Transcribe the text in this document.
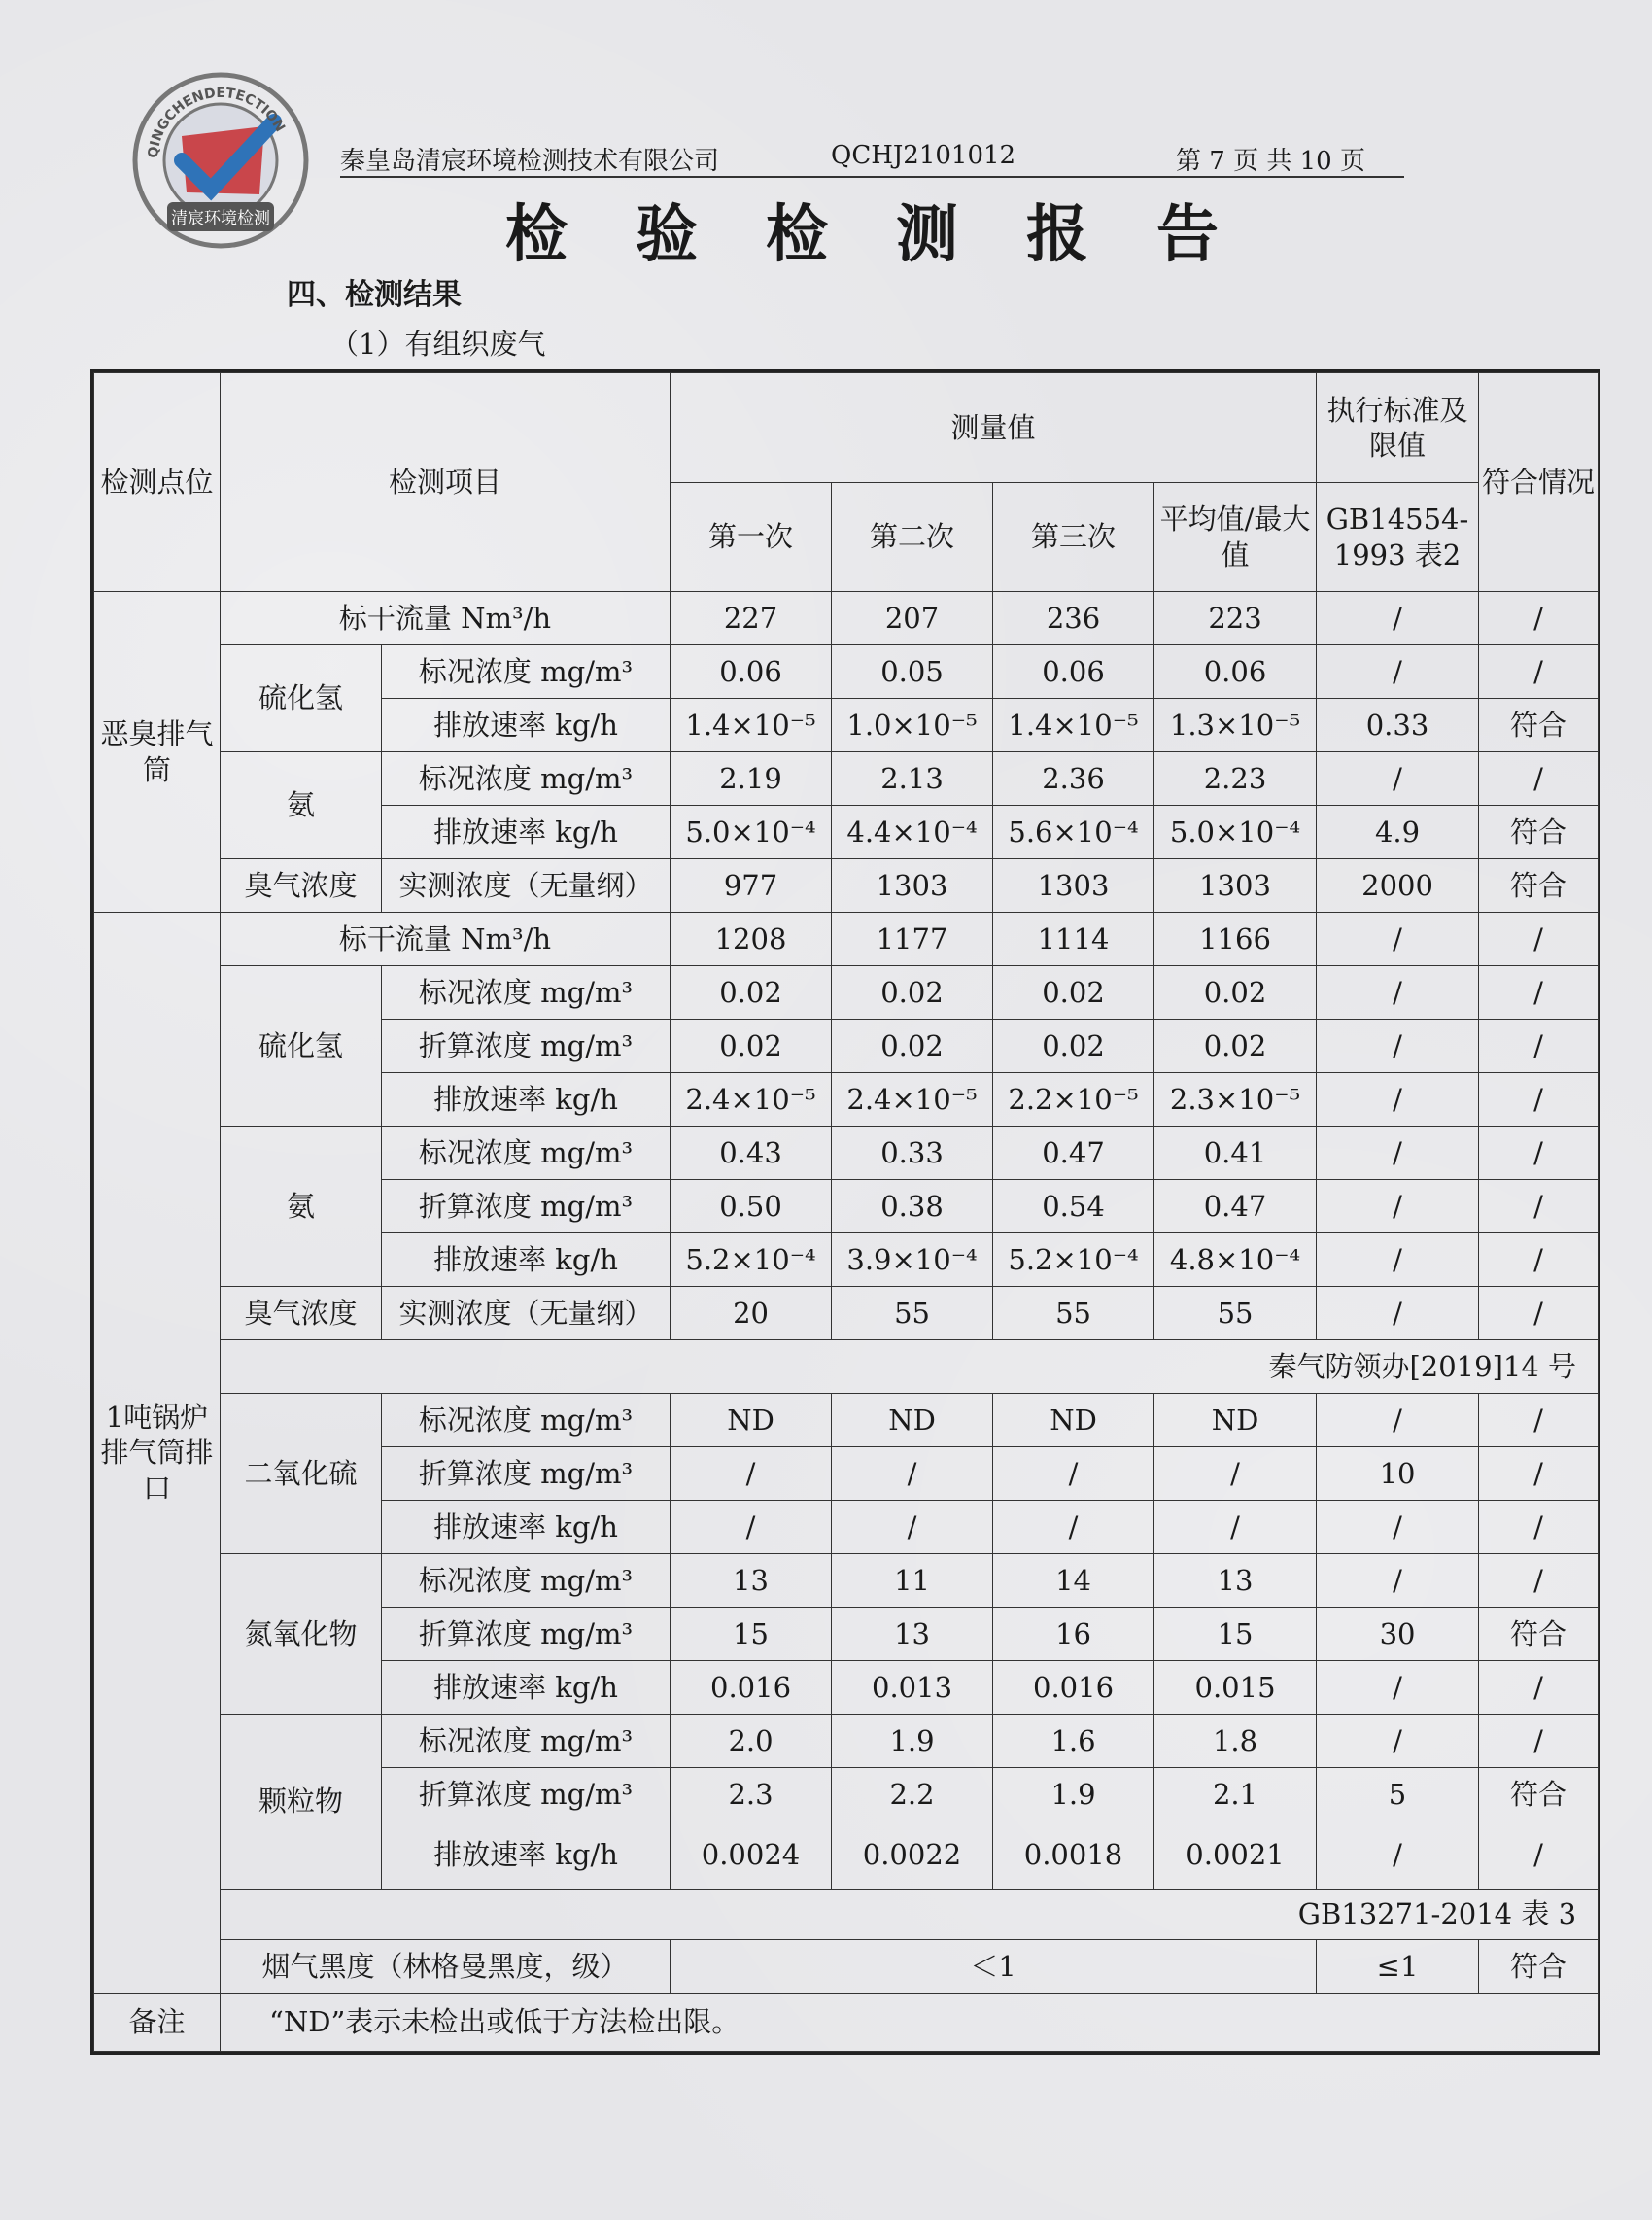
QINGCHENDETECTION
清宸环境检测
秦皇岛清宸环境检测技术有限公司	QCHJ2101012	第 7 页 共 10 页
检验检测报告
四、检测结果
（1）有组织废气
检测点位	检测项目		测量值				执行标准及限值	符合情况
			第一次	第二次	第三次	平均值/最大值	GB14554-1993 表2	
恶臭排气筒	标干流量 Nm³/h		227	207	236	223	/	/
	硫化氢	标况浓度 mg/m³	0.06	0.05	0.06	0.06	/	/
		排放速率 kg/h	1.4×10⁻⁵	1.0×10⁻⁵	1.4×10⁻⁵	1.3×10⁻⁵	0.33	符合
	氨	标况浓度 mg/m³	2.19	2.13	2.36	2.23	/	/
		排放速率 kg/h	5.0×10⁻⁴	4.4×10⁻⁴	5.6×10⁻⁴	5.0×10⁻⁴	4.9	符合
	臭气浓度	实测浓度（无量纲）	977	1303	1303	1303	2000	符合
1吨锅炉排气筒排口	标干流量 Nm³/h		1208	1177	1114	1166	/	/
	硫化氢	标况浓度 mg/m³	0.02	0.02	0.02	0.02	/	/
		折算浓度 mg/m³	0.02	0.02	0.02	0.02	/	/
		排放速率 kg/h	2.4×10⁻⁵	2.4×10⁻⁵	2.2×10⁻⁵	2.3×10⁻⁵	/	/
	氨	标况浓度 mg/m³	0.43	0.33	0.47	0.41	/	/
		折算浓度 mg/m³	0.50	0.38	0.54	0.47	/	/
		排放速率 kg/h	5.2×10⁻⁴	3.9×10⁻⁴	5.2×10⁻⁴	4.8×10⁻⁴	/	/
	臭气浓度	实测浓度（无量纲）	20	55	55	55	/	/
	秦气防领办[2019]14 号							
	二氧化硫	标况浓度 mg/m³	ND	ND	ND	ND	/	/
		折算浓度 mg/m³	/	/	/	/	10	/
		排放速率 kg/h	/	/	/	/	/	/
	氮氧化物	标况浓度 mg/m³	13	11	14	13	/	/
		折算浓度 mg/m³	15	13	16	15	30	符合
		排放速率 kg/h	0.016	0.013	0.016	0.015	/	/
	颗粒物	标况浓度 mg/m³	2.0	1.9	1.6	1.8	/	/
		折算浓度 mg/m³	2.3	2.2	1.9	2.1	5	符合
		排放速率 kg/h	0.0024	0.0022	0.0018	0.0021	/	/
	GB13271-2014 表 3							
	烟气黑度（林格曼黑度，级）		＜1				≤1	符合
备注	“ND”表示未检出或低于方法检出限。							
